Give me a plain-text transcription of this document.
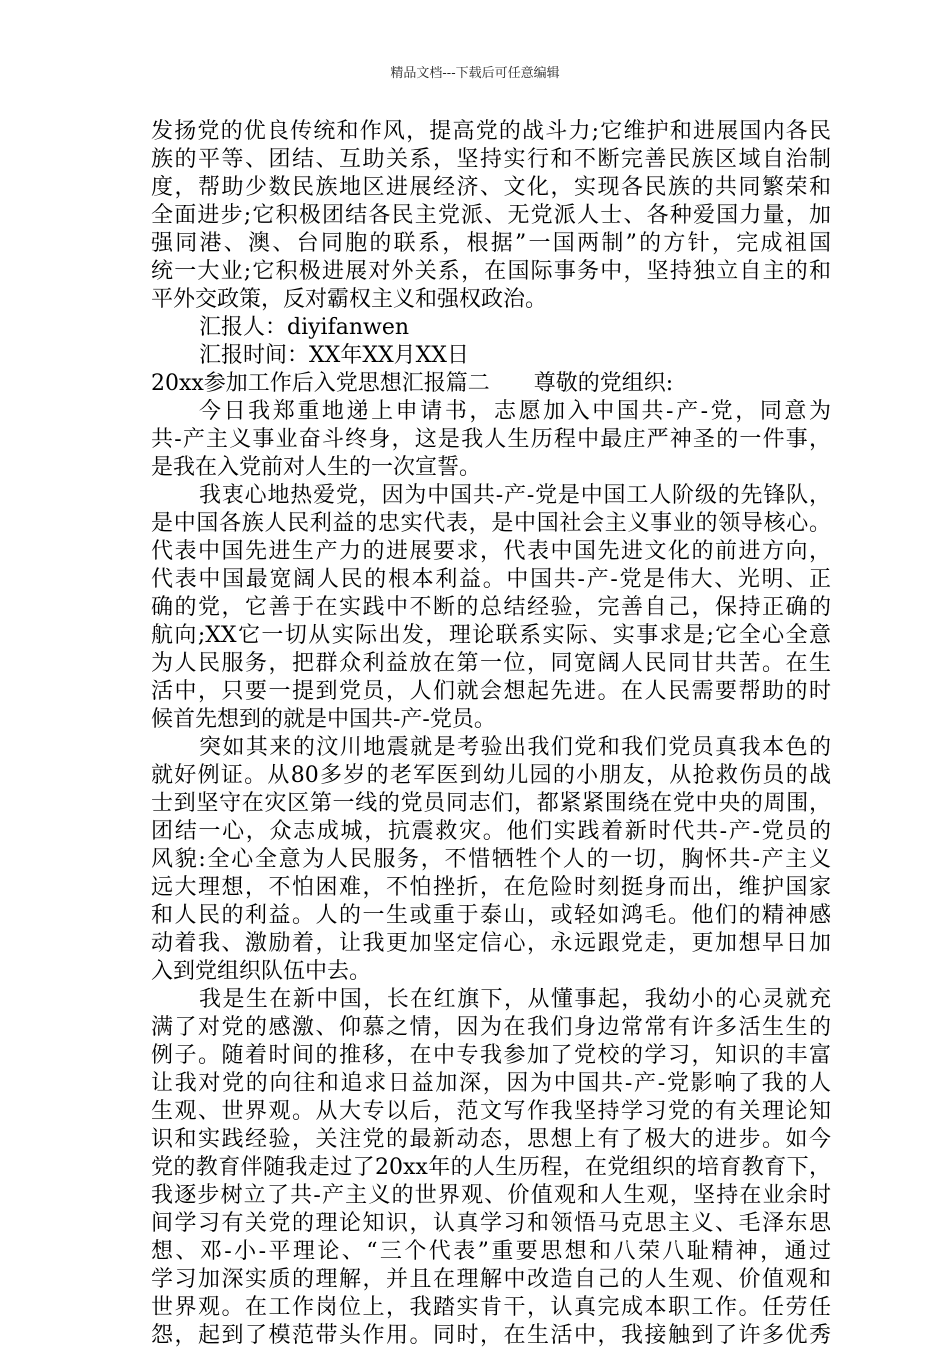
精品文档---下载后可任意编辑
发扬党的优良传统和作风，提高党的战斗力;它维护和进展国内各民
族的平等、团结、互助关系，坚持实行和不断完善民族区域自治制
度，帮助少数民族地区进展经济、文化，实现各民族的共同繁荣和
全面进步;它积极团结各民主党派、无党派人士、各种爱国力量，加
强同港、澳、台同胞的联系，根据”一国两制”的方针，完成祖国
统一大业;它积极进展对外关系，在国际事务中，坚持独立自主的和
平外交政策，反对霸权主义和强权政治。
汇报人：diyifanwen
汇报时间：XX年XX月XX日
20xx参加工作后入党思想汇报篇二　　尊敬的党组织:
今日我郑重地递上申请书，志愿加入中国共-产-党，同意为
共-产主义事业奋斗终身，这是我人生历程中最庄严神圣的一件事，
是我在入党前对人生的一次宣誓。
我衷心地热爱党，因为中国共-产-党是中国工人阶级的先锋队，
是中国各族人民利益的忠实代表，是中国社会主义事业的领导核心。
代表中国先进生产力的进展要求，代表中国先进文化的前进方向，
代表中国最宽阔人民的根本利益。中国共-产-党是伟大、光明、正
确的党，它善于在实践中不断的总结经验，完善自己，保持正确的
航向;XX它一切从实际出发，理论联系实际、实事求是;它全心全意
为人民服务，把群众利益放在第一位，同宽阔人民同甘共苦。在生
活中，只要一提到党员，人们就会想起先进。在人民需要帮助的时
候首先想到的就是中国共-产-党员。
突如其来的汶川地震就是考验出我们党和我们党员真我本色的
就好例证。从80多岁的老军医到幼儿园的小朋友，从抢救伤员的战
士到坚守在灾区第一线的党员同志们，都紧紧围绕在党中央的周围，
团结一心，众志成城，抗震救灾。他们实践着新时代共-产-党员的
风貌:全心全意为人民服务，不惜牺牲个人的一切，胸怀共-产主义
远大理想，不怕困难，不怕挫折，在危险时刻挺身而出，维护国家
和人民的利益。人的一生或重于泰山，或轻如鸿毛。他们的精神感
动着我、激励着，让我更加坚定信心，永远跟党走，更加想早日加
入到党组织队伍中去。
我是生在新中国，长在红旗下，从懂事起，我幼小的心灵就充
满了对党的感激、仰慕之情，因为在我们身边常常有许多活生生的
例子。随着时间的推移，在中专我参加了党校的学习，知识的丰富
让我对党的向往和追求日益加深，因为中国共-产-党影响了我的人
生观、世界观。从大专以后，范文写作我坚持学习党的有关理论知
识和实践经验，关注党的最新动态，思想上有了极大的进步。如今
党的教育伴随我走过了20xx年的人生历程，在党组织的培育教育下，
我逐步树立了共-产主义的世界观、价值观和人生观，坚持在业余时
间学习有关党的理论知识，认真学习和领悟马克思主义、毛泽东思
想、邓-小-平理论、“三个代表”重要思想和八荣八耻精神，通过
学习加深实质的理解，并且在理解中改造自己的人生观、价值观和
世界观。在工作岗位上，我踏实肯干，认真完成本职工作。任劳任
怨，起到了模范带头作用。同时，在生活中，我接触到了许多优秀
